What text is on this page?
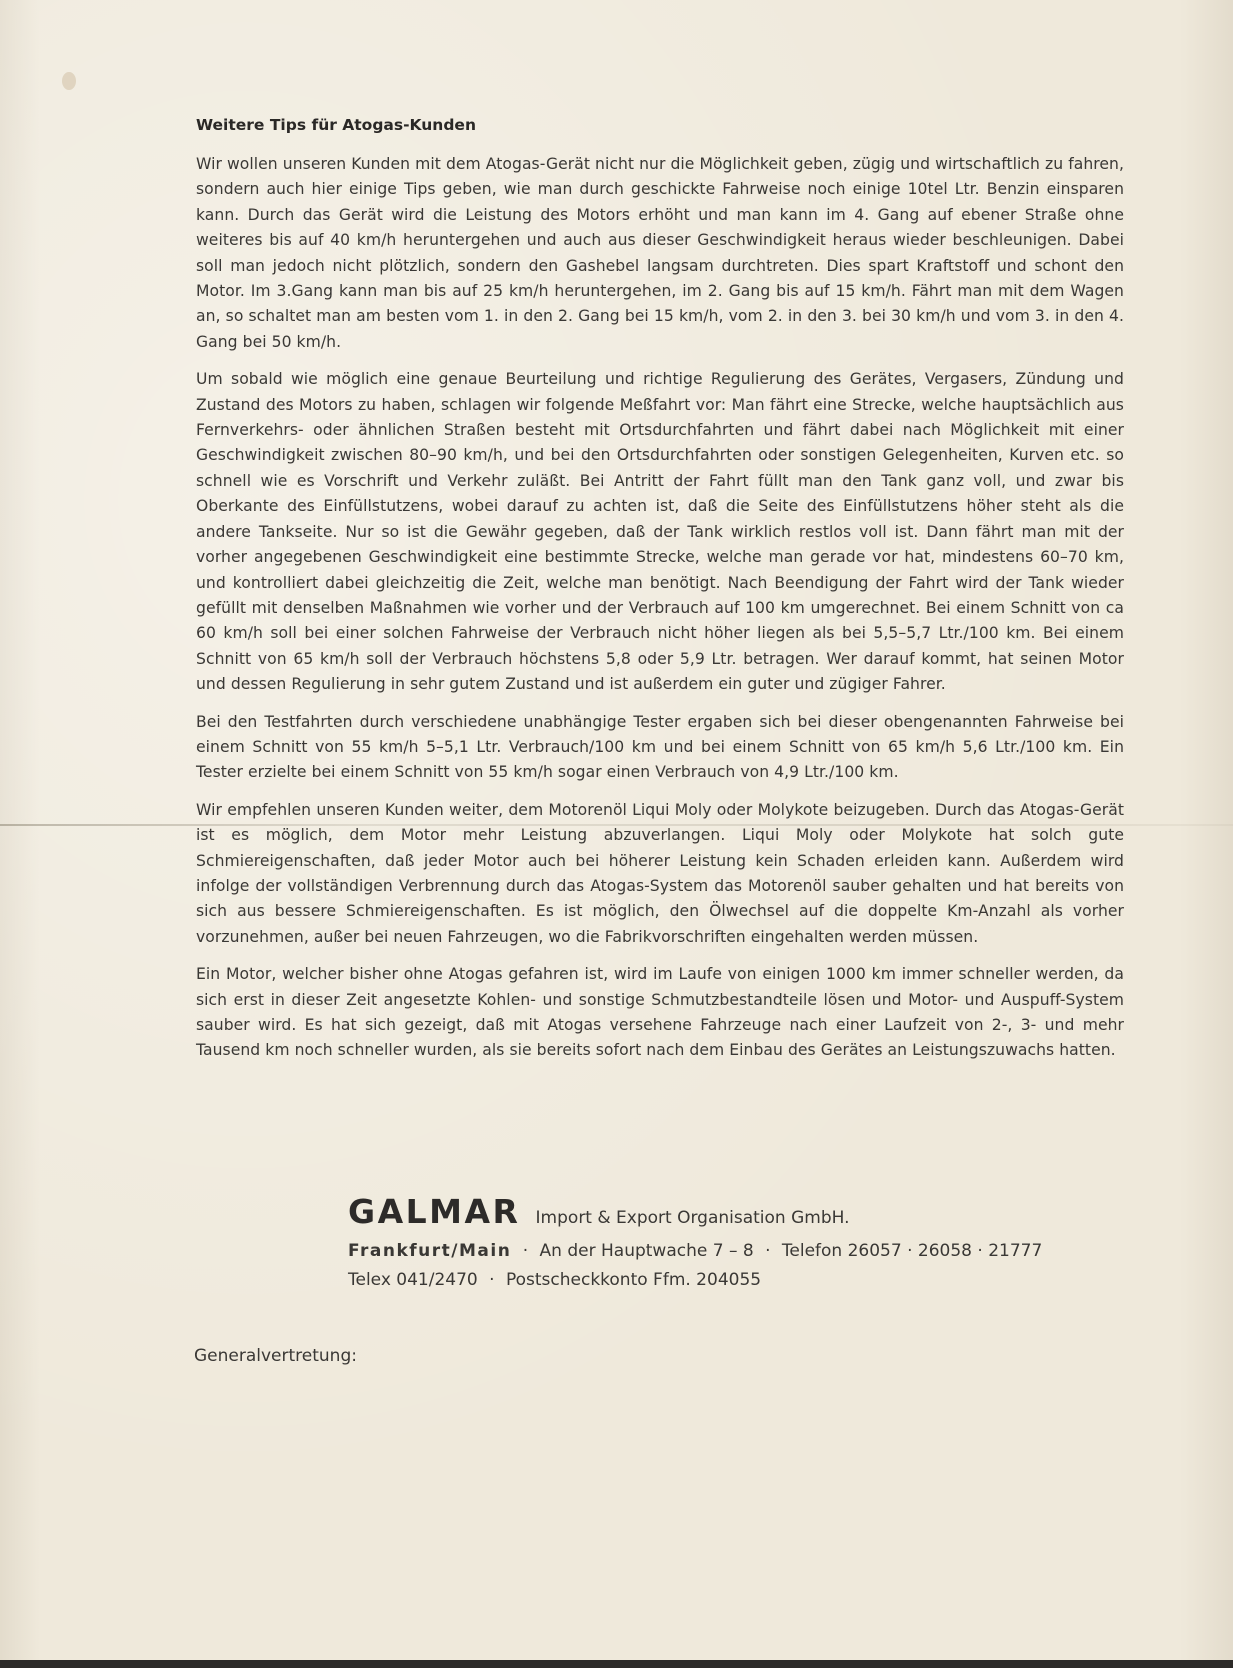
Weitere Tips für Atogas-Kunden

Wir wollen unseren Kunden mit dem Atogas-Gerät nicht nur die Möglichkeit geben, zügig und wirtschaftlich zu fahren, sondern auch hier einige Tips geben, wie man durch geschickte Fahrweise noch einige 10tel Ltr. Benzin einsparen kann. Durch das Gerät wird die Leistung des Motors erhöht und man kann im 4. Gang auf ebener Straße ohne weiteres bis auf 40 km/h heruntergehen und auch aus dieser Geschwindigkeit heraus wieder beschleunigen. Dabei soll man jedoch nicht plötzlich, sondern den Gashebel langsam durchtreten. Dies spart Kraftstoff und schont den Motor. Im 3.Gang kann man bis auf 25 km/h heruntergehen, im 2. Gang bis auf 15 km/h. Fährt man mit dem Wagen an, so schaltet man am besten vom 1. in den 2. Gang bei 15 km/h, vom 2. in den 3. bei 30 km/h und vom 3. in den 4. Gang bei 50 km/h.

Um sobald wie möglich eine genaue Beurteilung und richtige Regulierung des Gerätes, Vergasers, Zündung und Zustand des Motors zu haben, schlagen wir folgende Meßfahrt vor: Man fährt eine Strecke, welche hauptsächlich aus Fernverkehrs- oder ähnlichen Straßen besteht mit Ortsdurchfahrten und fährt dabei nach Möglichkeit mit einer Geschwindigkeit zwischen 80–90 km/h, und bei den Ortsdurchfahrten oder sonstigen Gelegenheiten, Kurven etc. so schnell wie es Vorschrift und Verkehr zuläßt. Bei Antritt der Fahrt füllt man den Tank ganz voll, und zwar bis Oberkante des Einfüllstutzens, wobei darauf zu achten ist, daß die Seite des Einfüllstutzens höher steht als die andere Tankseite. Nur so ist die Gewähr gegeben, daß der Tank wirklich restlos voll ist. Dann fährt man mit der vorher angegebenen Geschwindigkeit eine bestimmte Strecke, welche man gerade vor hat, mindestens 60–70 km, und kontrolliert dabei gleichzeitig die Zeit, welche man benötigt. Nach Beendigung der Fahrt wird der Tank wieder gefüllt mit denselben Maßnahmen wie vorher und der Verbrauch auf 100 km umgerechnet. Bei einem Schnitt von ca 60 km/h soll bei einer solchen Fahrweise der Verbrauch nicht höher liegen als bei 5,5–5,7 Ltr./100 km. Bei einem Schnitt von 65 km/h soll der Verbrauch höchstens 5,8 oder 5,9 Ltr. betragen. Wer darauf kommt, hat seinen Motor und dessen Regulierung in sehr gutem Zustand und ist außerdem ein guter und zügiger Fahrer.

Bei den Testfahrten durch verschiedene unabhängige Tester ergaben sich bei dieser obengenannten Fahrweise bei einem Schnitt von 55 km/h 5–5,1 Ltr. Verbrauch/100 km und bei einem Schnitt von 65 km/h 5,6 Ltr./100 km. Ein Tester erzielte bei einem Schnitt von 55 km/h sogar einen Verbrauch von 4,9 Ltr./100 km.

Wir empfehlen unseren Kunden weiter, dem Motorenöl Liqui Moly oder Molykote beizugeben. Durch das Atogas-Gerät ist es möglich, dem Motor mehr Leistung abzuverlangen. Liqui Moly oder Molykote hat solch gute Schmiereigenschaften, daß jeder Motor auch bei höherer Leistung kein Schaden erleiden kann. Außerdem wird infolge der vollständigen Verbrennung durch das Atogas-System das Motorenöl sauber gehalten und hat bereits von sich aus bessere Schmiereigenschaften. Es ist möglich, den Ölwechsel auf die doppelte Km-Anzahl als vorher vorzunehmen, außer bei neuen Fahrzeugen, wo die Fabrikvorschriften eingehalten werden müssen.

Ein Motor, welcher bisher ohne Atogas gefahren ist, wird im Laufe von einigen 1000 km immer schneller werden, da sich erst in dieser Zeit angesetzte Kohlen- und sonstige Schmutzbestandteile lösen und Motor- und Auspuff-System sauber wird. Es hat sich gezeigt, daß mit Atogas versehene Fahrzeuge nach einer Laufzeit von 2-, 3- und mehr Tausend km noch schneller wurden, als sie bereits sofort nach dem Einbau des Gerätes an Leistungszuwachs hatten.

GALMAR Import & Export Organisation GmbH.
Frankfurt/Main · An der Hauptwache 7 – 8 · Telefon 26057 · 26058 · 21777
Telex 041/2470 · Postscheckkonto Ffm. 204055
Generalvertretung:
